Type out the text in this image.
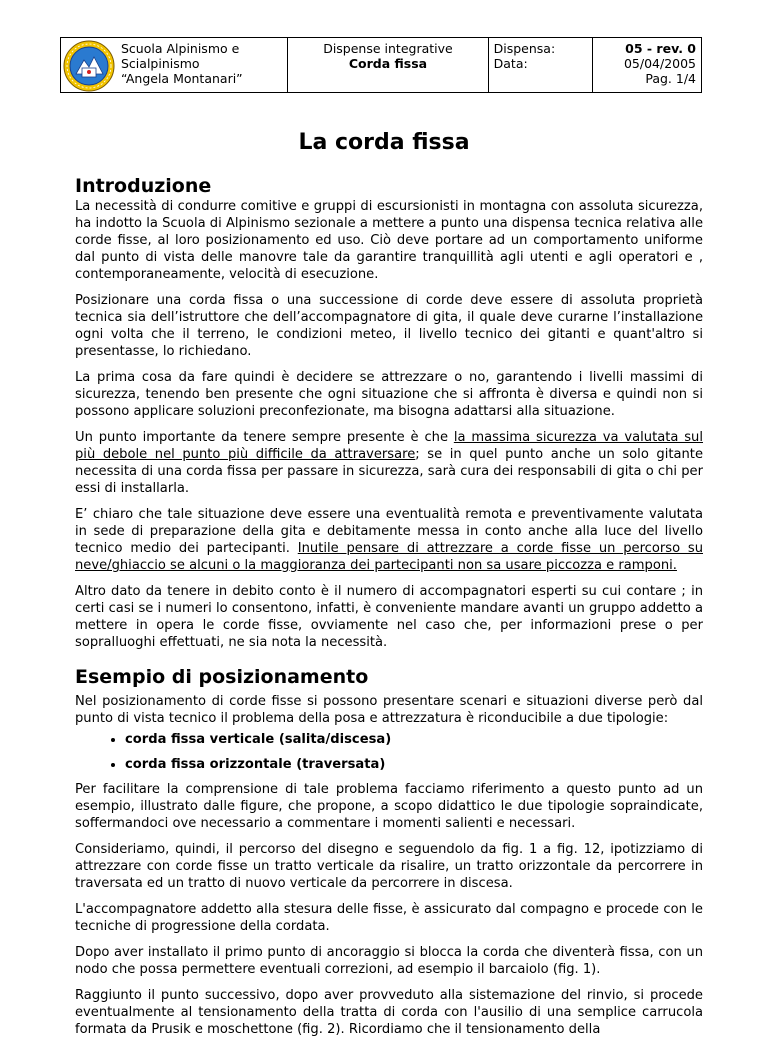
Scuola Alpinismo e
Scialpinismo
“Angela Montanari”
Dispense integrative
Corda fissa
Dispensa:
Data:
05 - rev. 0
05/04/2005
Pag. 1/4
La corda fissa
Introduzione

La necessità di condurre comitive e gruppi di escursionisti in montagna con assoluta sicurezza, ha indotto la Scuola di Alpinismo sezionale a mettere a punto una dispensa tecnica relativa alle corde fisse, al loro posizionamento ed uso. Ciò deve portare ad un comportamento uniforme dal punto di vista delle manovre tale da garantire tranquillità agli utenti e agli operatori e , contemporaneamente, velocità di esecuzione.

Posizionare una corda fissa o una successione di corde deve essere di assoluta proprietà tecnica sia dell’istruttore che dell’accompagnatore di gita, il quale deve curarne l’installazione ogni volta che il terreno, le condizioni meteo, il livello tecnico dei gitanti e quant'altro si presentasse, lo richiedano.

La prima cosa da fare quindi è decidere se attrezzare o no, garantendo i livelli massimi di sicurezza, tenendo ben presente che ogni situazione che si affronta è diversa e quindi non si possono applicare soluzioni preconfezionate, ma bisogna adattarsi alla situazione.

Un punto importante da tenere sempre presente è che la massima sicurezza va valutata sul più debole nel punto più difficile da attraversare; se in quel punto anche un solo gitante necessita di una corda fissa per passare in sicurezza, sarà cura dei responsabili di gita o chi per essi di installarla.

E’ chiaro che tale situazione deve essere una eventualità remota e preventivamente valutata in sede di preparazione della gita e debitamente messa in conto anche alla luce del livello tecnico medio dei partecipanti. Inutile pensare di attrezzare a corde fisse un percorso su neve/ghiaccio se alcuni o la maggioranza dei partecipanti non sa usare piccozza e ramponi.

Altro dato da tenere in debito conto è il numero di accompagnatori esperti su cui contare ; in certi casi se i numeri lo consentono, infatti, è conveniente mandare avanti un gruppo addetto a mettere in opera le corde fisse, ovviamente nel caso che, per informazioni prese o per sopralluoghi effettuati, ne sia nota la necessità.

Esempio di posizionamento

Nel posizionamento di corde fisse si possono presentare scenari e situazioni diverse però dal punto di vista tecnico il problema della posa e attrezzatura è riconducibile a due tipologie:

• corda fissa verticale (salita/discesa)
• corda fissa orizzontale (traversata)

Per facilitare la comprensione di tale problema facciamo riferimento a questo punto ad un esempio, illustrato dalle figure, che propone, a scopo didattico le due tipologie sopraindicate, soffermandoci ove necessario a commentare i momenti salienti e necessari.

Consideriamo, quindi, il percorso del disegno e seguendolo da fig. 1 a fig. 12, ipotizziamo di attrezzare con corde fisse un tratto verticale da risalire, un tratto orizzontale da percorrere in traversata ed un tratto di nuovo verticale da percorrere in discesa.

L'accompagnatore addetto alla stesura delle fisse, è assicurato dal compagno e procede con le tecniche di progressione della cordata.

Dopo aver installato il primo punto di ancoraggio si blocca la corda che diventerà fissa, con un nodo che possa permettere eventuali correzioni, ad esempio il barcaiolo (fig. 1).

Raggiunto il punto successivo, dopo aver provveduto alla sistemazione del rinvio, si procede eventualmente al tensionamento della tratta di corda con l'ausilio di una semplice carrucola formata da Prusik e moschettone (fig. 2). Ricordiamo che il tensionamento della
